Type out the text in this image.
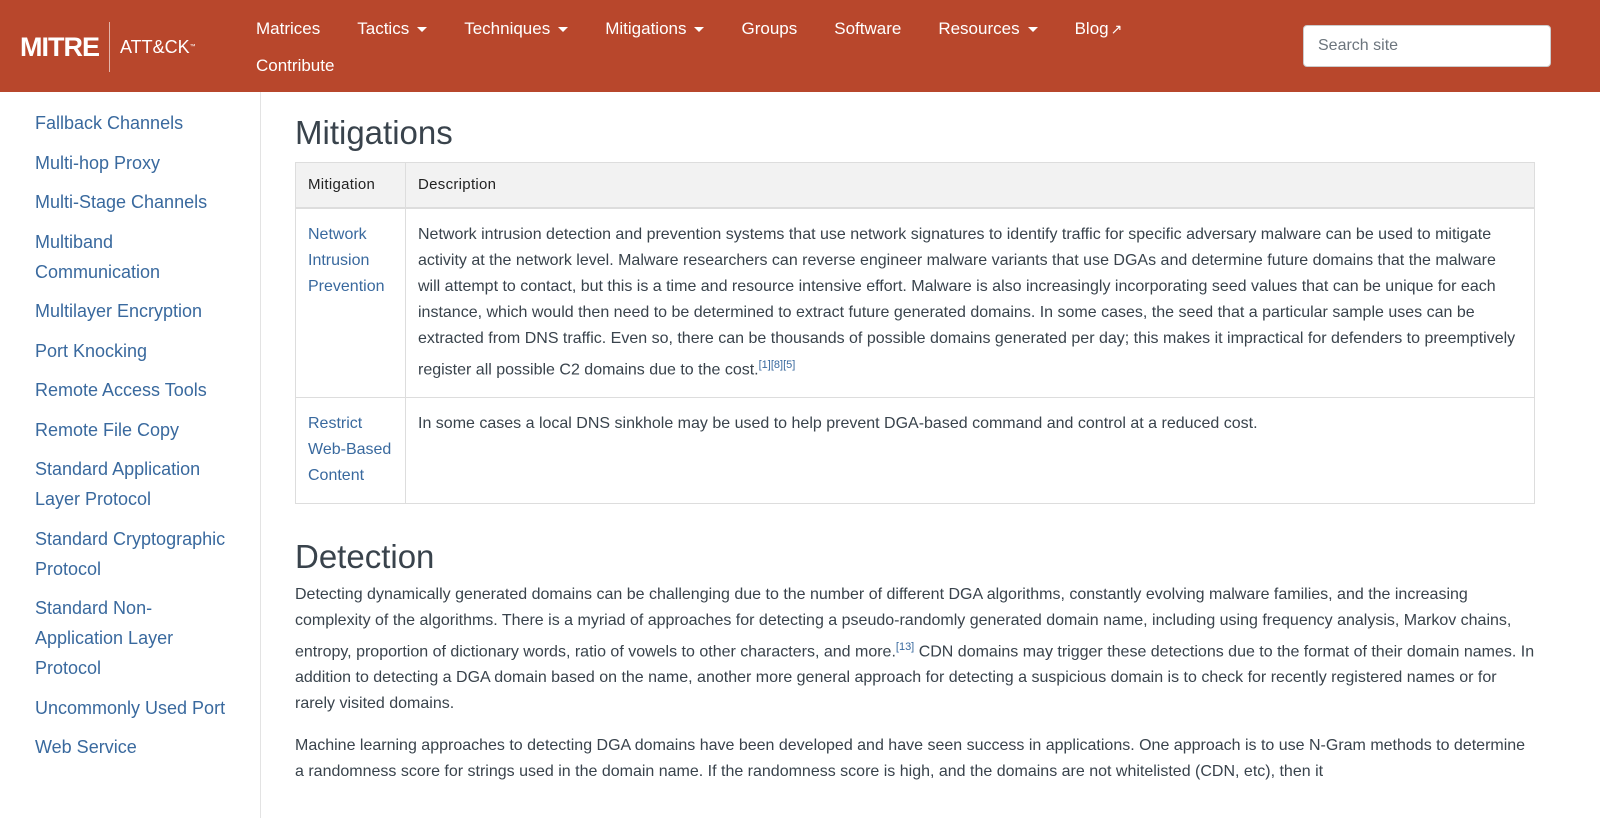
MITRE ATT&CK ™
Matrices Tactics	Techniques	Mitigations	Groups Software Resources	Blog ↗
Contribute
Search site
Fallback Channels
Multi-hop Proxy
Multi-Stage Channels
Multiband Communication
Multilayer Encryption
Port Knocking
Remote Access Tools
Remote File Copy
Standard Application Layer Protocol
Standard Cryptographic Protocol
Standard Non-Application Layer Protocol
Uncommonly Used Port
Web Service
Mitigations
Mitigation	Description
Network Intrusion Prevention	Network intrusion detection and prevention systems that use network signatures to identify traffic for specific adversary malware can be used to mitigate activity at the network level. Malware researchers can reverse engineer malware variants that use DGAs and determine future domains that the malware will attempt to contact, but this is a time and resource intensive effort. Malware is also increasingly incorporating seed values that can be unique for each instance, which would then need to be determined to extract future generated domains. In some cases, the seed that a particular sample uses can be extracted from DNS traffic. Even so, there can be thousands of possible domains generated per day; this makes it impractical for defenders to preemptively register all possible C2 domains due to the cost.[1][8][5]
Restrict Web-Based Content	In some cases a local DNS sinkhole may be used to help prevent DGA-based command and control at a reduced cost.
Detection

Detecting dynamically generated domains can be challenging due to the number of different DGA algorithms, constantly evolving malware families, and the increasing complexity of the algorithms. There is a myriad of approaches for detecting a pseudo-randomly generated domain name, including using frequency analysis, Markov chains, entropy, proportion of dictionary words, ratio of vowels to other characters, and more.[13] CDN domains may trigger these detections due to the format of their domain names. In addition to detecting a DGA domain based on the name, another more general approach for detecting a suspicious domain is to check for recently registered names or for rarely visited domains.

Machine learning approaches to detecting DGA domains have been developed and have seen success in applications. One approach is to use N-Gram methods to determine a randomness score for strings used in the domain name. If the randomness score is high, and the domains are not whitelisted (CDN, etc), then it
